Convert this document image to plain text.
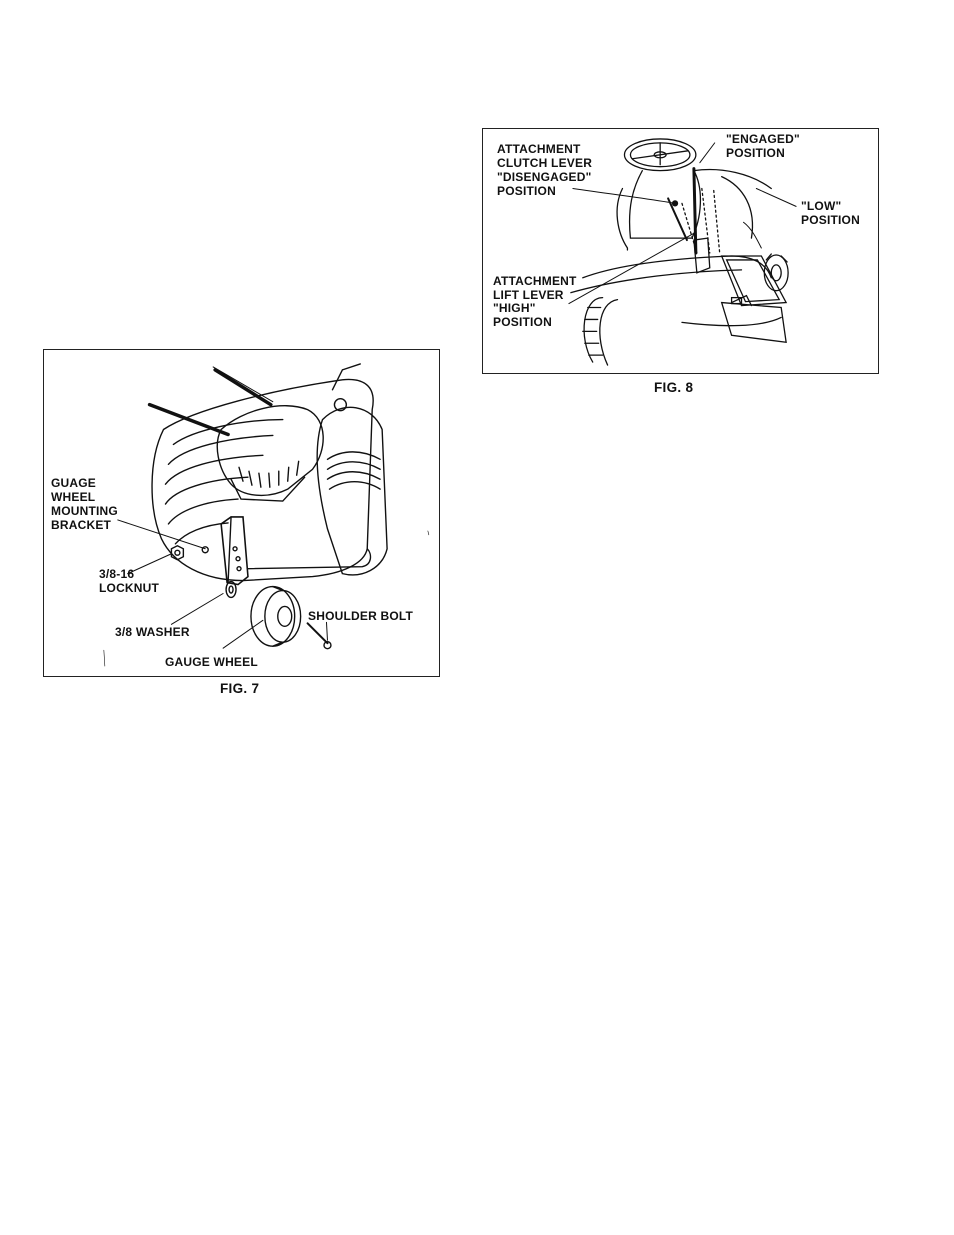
GUAGE
WHEEL
MOUNTING
BRACKET
3/8-16
LOCKNUT
3/8 WASHER
SHOULDER BOLT
GAUGE WHEEL
FIG. 7
ATTACHMENT
CLUTCH LEVER
"DISENGAGED"
POSITION
"ENGAGED"
POSITION
"LOW"
POSITION
ATTACHMENT
LIFT LEVER
"HIGH"
POSITION
FIG. 8
